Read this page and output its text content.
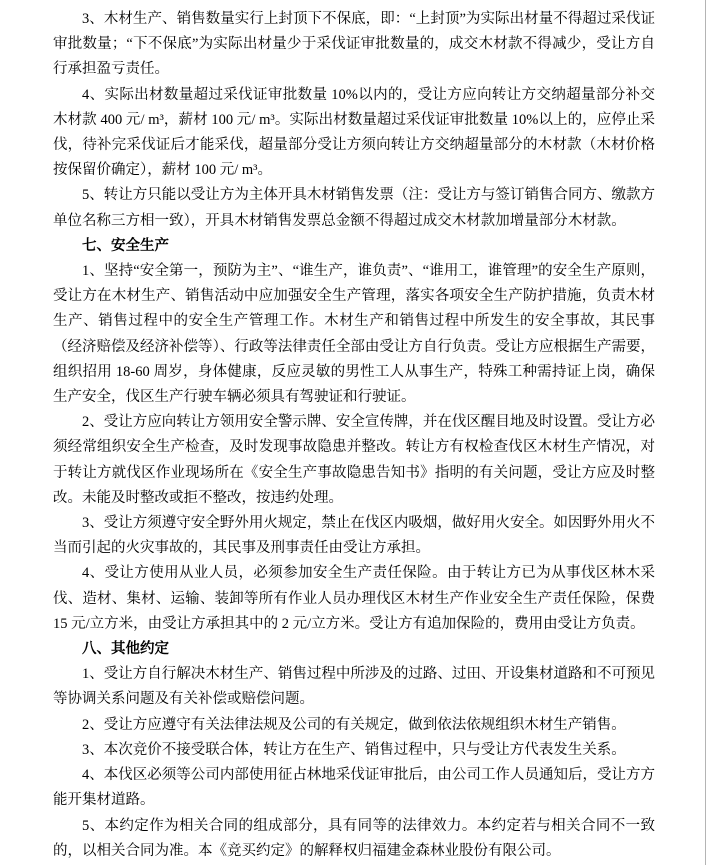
3、木材生产、销售数量实行上封顶下不保底，即：“上封顶”为实际出材量不得超过采伐证审批数量；“下不保底”为实际出材量少于采伐证审批数量的，成交木材款不得减少，受让方自行承担盈亏责任。

4、实际出材数量超过采伐证审批数量 10%以内的，受让方应向转让方交纳超量部分补交木材款 400 元/ m³，薪材 100 元/ m³。实际出材数量超过采伐证审批数量 10%以上的，应停止采伐，待补完采伐证后才能采伐，超量部分受让方须向转让方交纳超量部分的木材款（木材价格按保留价确定），薪材 100 元/ m³。

5、转让方只能以受让方为主体开具木材销售发票（注：受让方与签订销售合同方、缴款方单位名称三方相一致），开具木材销售发票总金额不得超过成交木材款加增量部分木材款。

七、安全生产

1、坚持“安全第一，预防为主”、“谁生产，谁负责”、“谁用工，谁管理”的安全生产原则，受让方在木材生产、销售活动中应加强安全生产管理，落实各项安全生产防护措施，负责木材生产、销售过程中的安全生产管理工作。木材生产和销售过程中所发生的安全事故，其民事（经济赔偿及经济补偿等）、行政等法律责任全部由受让方自行负责。受让方应根据生产需要，组织招用 18-60 周岁，身体健康，反应灵敏的男性工人从事生产，特殊工种需持证上岗，确保生产安全，伐区生产行驶车辆必须具有驾驶证和行驶证。

2、受让方应向转让方领用安全警示牌、安全宣传牌，并在伐区醒目地及时设置。受让方必须经常组织安全生产检查，及时发现事故隐患并整改。转让方有权检查伐区木材生产情况，对于转让方就伐区作业现场所在《安全生产事故隐患告知书》指明的有关问题，受让方应及时整改。未能及时整改或拒不整改，按违约处理。

3、受让方须遵守安全野外用火规定，禁止在伐区内吸烟，做好用火安全。如因野外用火不当而引起的火灾事故的，其民事及刑事责任由受让方承担。

4、受让方使用从业人员，必须参加安全生产责任保险。由于转让方已为从事伐区林木采伐、造材、集材、运输、装卸等所有作业人员办理伐区木材生产作业安全生产责任保险，保费 15 元/立方米，由受让方承担其中的 2 元/立方米。受让方有追加保险的，费用由受让方负责。

八、其他约定

1、受让方自行解决木材生产、销售过程中所涉及的过路、过田、开设集材道路和不可预见等协调关系问题及有关补偿或赔偿问题。

2、受让方应遵守有关法律法规及公司的有关规定，做到依法依规组织木材生产销售。

3、本次竞价不接受联合体，转让方在生产、销售过程中，只与受让方代表发生关系。

4、本伐区必须等公司内部使用征占林地采伐证审批后，由公司工作人员通知后，受让方方能开集材道路。

5、本约定作为相关合同的组成部分，具有同等的法律效力。本约定若与相关合同不一致的，以相关合同为准。本《竞买约定》的解释权归福建金森林业股份有限公司。
